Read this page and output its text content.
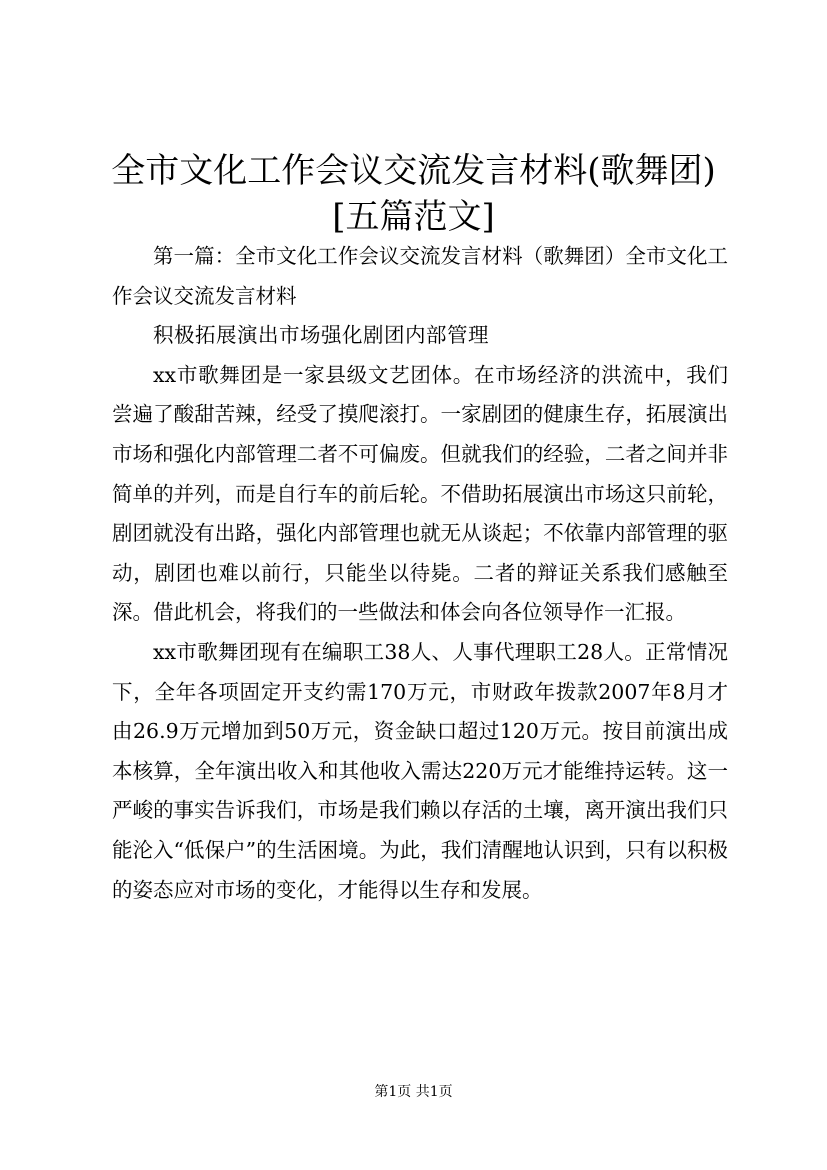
全市文化工作会议交流发言材料(歌舞团)[五篇范文]

第一篇：全市文化工作会议交流发言材料（歌舞团）全市文化工作会议交流发言材料

积极拓展演出市场强化剧团内部管理

xx市歌舞团是一家县级文艺团体。在市场经济的洪流中，我们尝遍了酸甜苦辣，经受了摸爬滚打。一家剧团的健康生存，拓展演出市场和强化内部管理二者不可偏废。但就我们的经验，二者之间并非简单的并列，而是自行车的前后轮。不借助拓展演出市场这只前轮，剧团就没有出路，强化内部管理也就无从谈起；不依靠内部管理的驱动，剧团也难以前行，只能坐以待毙。二者的辩证关系我们感触至深。借此机会，将我们的一些做法和体会向各位领导作一汇报。

xx市歌舞团现有在编职工38人、人事代理职工28人。正常情况下，全年各项固定开支约需170万元，市财政年拨款2007年8月才由26.9万元增加到50万元，资金缺口超过120万元。按目前演出成本核算，全年演出收入和其他收入需达220万元才能维持运转。这一严峻的事实告诉我们，市场是我们赖以存活的土壤，离开演出我们只能沦入“低保户”的生活困境。为此，我们清醒地认识到，只有以积极的姿态应对市场的变化，才能得以生存和发展。

第1页 共1页
